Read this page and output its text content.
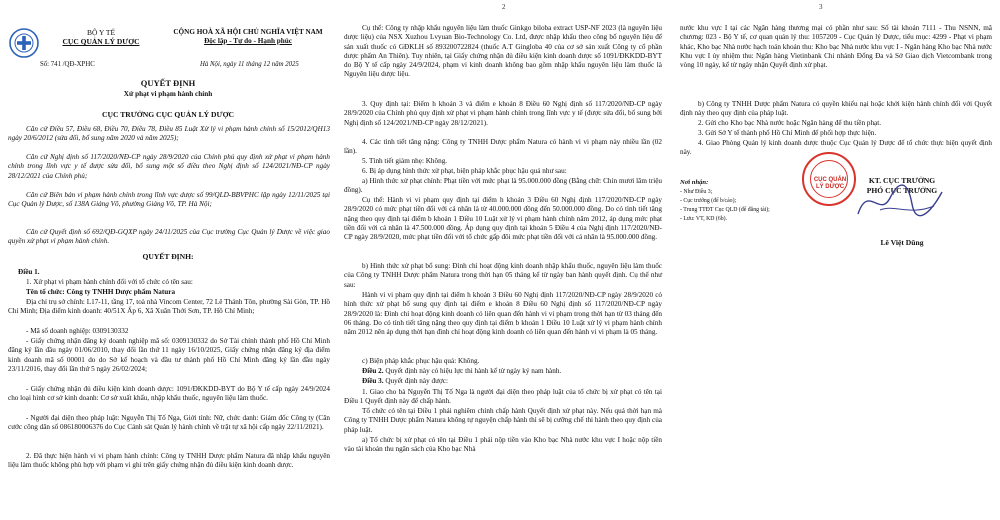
BỘ Y TẾ
CỤC QUẢN LÝ DƯỢC
Số: 741 /QĐ-XPHC
CỘNG HOÀ XÃ HỘI CHỦ NGHĨA VIỆT NAM
Độc lập - Tự do - Hạnh phúc
Hà Nội, ngày 11 tháng 12 năm 2025
QUYẾT ĐỊNH
Xử phạt vi phạm hành chính
CỤC TRƯỞNG CỤC QUẢN LÝ DƯỢC
Căn cứ Điều 57, Điều 68, Điều 70, Điều 78, Điều 85 Luật Xử lý vi phạm hành chính số 15/2012/QH13 ngày 20/6/2012 (sửa đổi, bổ sung năm 2020 và năm 2025);
Căn cứ Nghị định số 117/2020/NĐ-CP ngày 28/9/2020 của Chính phủ quy định xử phạt vi phạm hành chính trong lĩnh vực y tế được sửa đổi, bổ sung một số điều theo Nghị định số 124/2021/NĐ-CP ngày 28/12/2021 của Chính phủ;
Căn cứ Biên bản vi phạm hành chính trong lĩnh vực dược số 99/QLD-BBVPHC lập ngày 12/11/2025 tại Cục Quản lý Dược, số 138A Giảng Võ, phường Giảng Võ, TP. Hà Nội;
Căn cứ Quyết định số 692/QĐ-GQXP ngày 24/11/2025 của Cục trưởng Cục Quản lý Dược về việc giao quyền xử phạt vi phạm hành chính.
QUYẾT ĐỊNH:
Điều 1.
1. Xử phạt vi phạm hành chính đối với tổ chức có tên sau:
Tên tổ chức: Công ty TNHH Dược phẩm Natura
Địa chỉ trụ sở chính: L17-11, tầng 17, toà nhà Vincom Center, 72 Lê Thánh Tôn, phường Sài Gòn, TP. Hồ Chí Minh; Địa điểm kinh doanh: 40/51X Ấp 6, Xã Xuân Thới Sơn, TP. Hồ Chí Minh;
- Mã số doanh nghiệp: 0309130332
- Giấy chứng nhận đăng ký doanh nghiệp mã số: 0309130332 do Sở Tài chính thành phố Hồ Chí Minh đăng ký lần đầu ngày 01/06/2010, thay đổi lần thứ 11 ngày 16/10/2025, Giấy chứng nhận đăng ký địa điểm kinh doanh mã số 00001 do do Sở kế hoạch và đầu tư thành phố Hồ Chí Minh đăng ký lần đầu ngày 23/11/2016, thay đổi lần thứ 5 ngày 26/02/2024;
- Giấy chứng nhận đủ điều kiện kinh doanh dược: 1091/ĐKKDD-BYT do Bộ Y tế cấp ngày 24/9/2024 cho loại hình cơ sở kinh doanh: Cơ sở xuất khẩu, nhập khẩu thuốc, nguyên liệu làm thuốc.
- Người đại diện theo pháp luật: Nguyễn Thị Tố Nga, Giới tính: Nữ, chức danh: Giám đốc Công ty (Căn cước công dân số 086180006376 do Cục Cảnh sát Quản lý hành chính về trật tự xã hội cấp ngày 22/11/2021).
2. Đã thực hiện hành vi vi phạm hành chính: Công ty TNHH Dược phẩm Natura đã nhập khẩu nguyên liệu làm thuốc không phù hợp với phạm vi ghi trên giấy chứng nhận đủ điều kiện kinh doanh dược.
2
Cụ thể: Công ty nhập khẩu nguyên liệu làm thuốc Ginkgo biloba extract USP-NF 2023 (là nguyên liệu dược liệu) của NSX Xuzhou Lvyuan Bio-Technology Co. Ltd, được nhập khẩu theo công bố nguyên liệu để sản xuất thuốc có GĐKLH số 893200722824 (thuốc A.T Gingloba 40 của cơ sở sản xuất Công ty cổ phần dược phẩm An Thiên). Tuy nhiên, tại Giấy chứng nhận đủ điều kiện kinh doanh dược số 1091/ĐKKDD-BYT do Bộ Y tế cấp ngày 24/9/2024, phạm vi kinh doanh không bao gồm nhập khẩu nguyên liệu làm thuốc là Nguyên liệu dược liệu.
3. Quy định tại: Điểm h khoản 3 và điểm e khoản 8 Điều 60 Nghị định số 117/2020/NĐ-CP ngày 28/9/2020 của Chính phủ quy định xử phạt vi phạm hành chính trong lĩnh vực y tế (được sửa đổi, bổ sung bởi Nghị định số 124/2021/NĐ-CP ngày 28/12/2021).
4. Các tình tiết tăng nặng: Công ty TNHH Dược phẩm Natura có hành vi vi phạm này nhiều lần (02 lần).
5. Tình tiết giảm nhẹ: Không.
6. Bị áp dụng hình thức xử phạt, biện pháp khắc phục hậu quả như sau:
a) Hình thức xử phạt chính: Phạt tiền với mức phạt là 95.000.000 đồng (Bằng chữ: Chín mươi lăm triệu đồng).
Cụ thể: Hành vi vi phạm quy định tại điểm h khoản 3 Điều 60 Nghị định 117/2020/NĐ-CP ngày 28/9/2020 có mức phạt tiền đối với cá nhân là từ 40.000.000 đồng đến 50.000.000 đồng. Do có tình tiết tăng nặng theo quy định tại điểm b khoản 1 Điều 10 Luật xử lý vi phạm hành chính năm 2012, áp dụng mức phạt tiền đối với cá nhân là 47.500.000 đồng. Áp dụng quy định tại khoản 5 Điều 4 của Nghị định 117/2020/NĐ-CP ngày 28/9/2020, mức phạt tiền đối với tổ chức gấp đôi mức phạt tiền đối với cá nhân là 95.000.000 đồng.
b) Hình thức xử phạt bổ sung: Đình chỉ hoạt động kinh doanh nhập khẩu thuốc, nguyên liệu làm thuốc của Công ty TNHH Dược phẩm Natura trong thời hạn 05 tháng kể từ ngày ban hành quyết định. Cụ thể như sau:
Hành vi vi phạm quy định tại điểm h khoản 3 Điều 60 Nghị định 117/2020/NĐ-CP ngày 28/9/2020 có hình thức xử phạt bổ sung quy định tại điểm e khoản 8 Điều 60 Nghị định số 117/2020/NĐ-CP ngày 28/9/2020 là: Đình chỉ hoạt động kinh doanh có liên quan đến hành vi vi phạm trong thời hạn từ 03 tháng đến 06 tháng. Do có tình tiết tăng nặng theo quy định tại điểm b khoản 1 Điều 10 Luật xử lý vi phạm hành chính năm 2012 nên áp dụng thời hạn đình chỉ hoạt động kinh doanh có liên quan đến hành vi vi phạm là 05 tháng.
c) Biện pháp khắc phục hậu quả: Không.
Điều 2. Quyết định này có hiệu lực thi hành kể từ ngày ký nam hành.
Điều 3. Quyết định này được:
1. Giao cho bà Nguyễn Thị Tố Nga là người đại diện theo pháp luật của tổ chức bị xử phạt có tên tại Điều 1 Quyết định này để chấp hành.
Tổ chức có tên tại Điều 1 phải nghiêm chỉnh chấp hành Quyết định xử phạt này. Nếu quá thời hạn mà Công ty TNHH Dược phẩm Natura không tự nguyện chấp hành thì sẽ bị cưỡng chế thi hành theo quy định của pháp luật.
a) Tổ chức bị xử phạt có tên tại Điều 1 phải nộp tiền vào Kho bạc Nhà nước khu vực I hoặc nộp tiền vào tài khoản thu ngân sách của Kho bạc Nhà
3
nước khu vực I tại các Ngân hàng thương mại có phần như sau: Số tài khoản 7111 - Thu NSNN, mã chương: 023 - Bộ Y tế, cơ quan quản lý thu: 1057209 - Cục Quản lý Dược, tiểu mục: 4299 - Phạt vi phạm khác, Kho bạc Nhà nước hạch toán khoản thu: Kho bạc Nhà nước khu vực I - Ngân hàng Kho bạc Nhà nước Khu vực I ủy nhiệm thu: Ngân hàng Vietinbank Chi nhánh Đống Đa và Sở Giao dịch Vietcombank trong vòng 10 ngày, kể từ ngày nhận Quyết định xử phạt.
b) Công ty TNHH Dược phẩm Natura có quyền khiếu nại hoặc khởi kiện hành chính đối với Quyết định này theo quy định của pháp luật.
2. Gửi cho Kho bạc Nhà nước hoặc Ngân hàng để thu tiền phạt.
3. Gửi Sở Y tế thành phố Hồ Chí Minh để phối hợp thực hiện.
4. Giao Phòng Quản lý kinh doanh dược thuộc Cục Quản lý Dược để tổ chức thực hiện quyết định này.
Nơi nhận:
- Như Điều 3;
- Cục trưởng (để b/cáo);
- Trung TTĐT Cục QLD (để đăng tải);
- Lưu: VT, KD (6b).
KT. CỤC TRƯỞNG
PHÓ CỤC TRƯỞNG
CỤC QUẢN LÝ DƯỢC
Lê Việt Dũng
